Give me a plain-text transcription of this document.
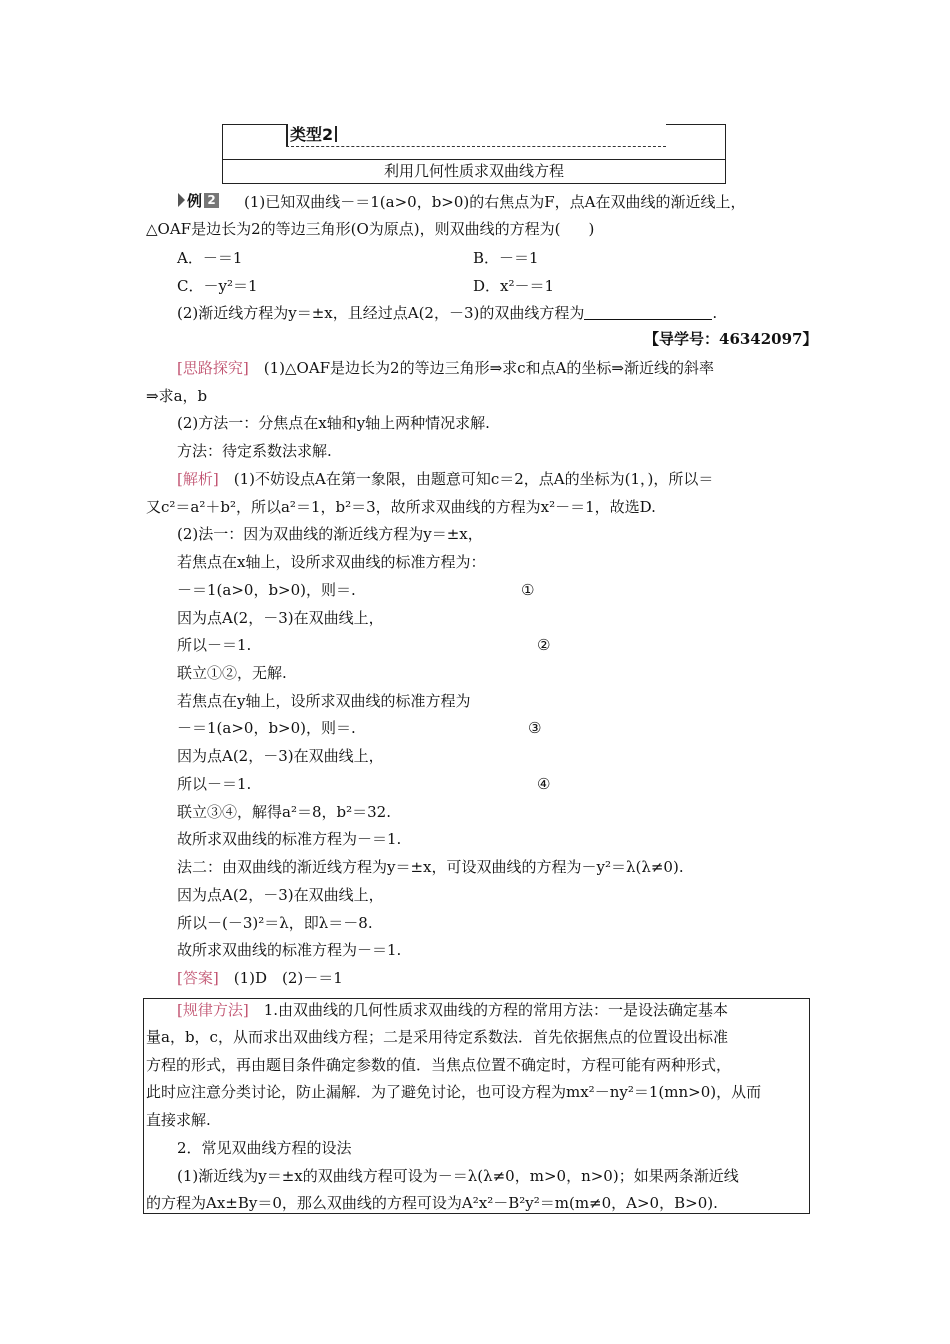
类型2
利用几何性质求双曲线方程
例 2 (1)已知双曲线－＝1(a>0，b>0)的右焦点为F，点A在双曲线的渐近线上，
△OAF是边长为2的等边三角形(O为原点)，则双曲线的方程为( )
A．－＝1	B．－＝1
C．－y²＝1	D．x²－＝1
(2)渐近线方程为y＝±x，且经过点A(2，－3)的双曲线方程为	.
【导学号：46342097】
[思路探究]　 (1)△OAF是边长为2的等边三角形⇒求c和点A的坐标⇒渐近线的斜率
⇒求a，b
(2)方法一：分焦点在x轴和y轴上两种情况求解.
方法：待定系数法求解.
[解析]　 (1)不妨设点A在第一象限，由题意可知c＝2，点A的坐标为(1，)，所以＝
又c²＝a²＋b²，所以a²＝1，b²＝3，故所求双曲线的方程为x²－＝1，故选D.
(2)法一：因为双曲线的渐近线方程为y＝±x，
若焦点在x轴上，设所求双曲线的标准方程为：
－＝1(a>0，b>0)，则＝.	①
因为点A(2，－3)在双曲线上，
所以－＝1.	②
联立①②，无解.
若焦点在y轴上，设所求双曲线的标准方程为
－＝1(a>0，b>0)，则＝.	③
因为点A(2，－3)在双曲线上，
所以－＝1.	④
联立③④，解得a²＝8，b²＝32.
故所求双曲线的标准方程为－＝1.
法二：由双曲线的渐近线方程为y＝±x，可设双曲线的方程为－y²＝λ(λ≠0).
因为点A(2，－3)在双曲线上，
所以－(－3)²＝λ，即λ＝－8.
故所求双曲线的标准方程为－＝1.
[答案]　 (1)D　(2)－＝1
[规律方法]　 1.由双曲线的几何性质求双曲线的方程的常用方法：一是设法确定基本
量a，b，c，从而求出双曲线方程；二是采用待定系数法．首先依据焦点的位置设出标准
方程的形式，再由题目条件确定参数的值．当焦点位置不确定时，方程可能有两种形式，
此时应注意分类讨论，防止漏解．为了避免讨论，也可设方程为mx²－ny²＝1(mn>0)，从而
直接求解.
2．常见双曲线方程的设法
(1)渐近线为y＝±x的双曲线方程可设为－＝λ(λ≠0，m>0，n>0)；如果两条渐近线
的方程为Ax±By＝0，那么双曲线的方程可设为A²x²－B²y²＝m(m≠0，A>0，B>0).
